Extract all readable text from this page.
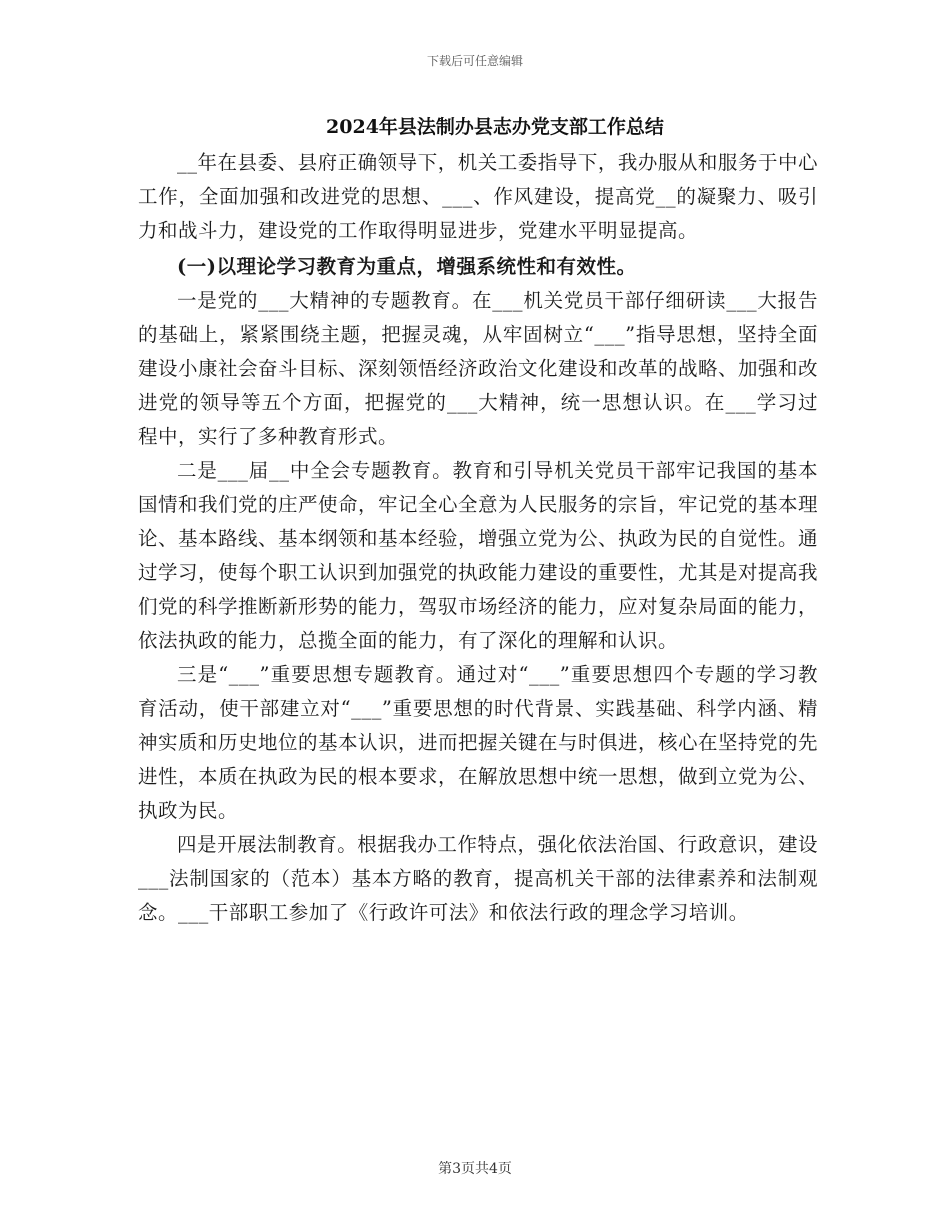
下载后可任意编辑
2024年县法制办县志办党支部工作总结

__年在县委、县府正确领导下，机关工委指导下，我办服从和服务于中心工作，全面加强和改进党的思想、___、作风建设，提高党__的凝聚力、吸引力和战斗力，建设党的工作取得明显进步，党建水平明显提高。

(一)以理论学习教育为重点，增强系统性和有效性。

一是党的___大精神的专题教育。在___机关党员干部仔细研读___大报告的基础上，紧紧围绕主题，把握灵魂，从牢固树立“___”指导思想，坚持全面建设小康社会奋斗目标、深刻领悟经济政治文化建设和改革的战略、加强和改进党的领导等五个方面，把握党的___大精神，统一思想认识。在___学习过程中，实行了多种教育形式。

二是___届__中全会专题教育。教育和引导机关党员干部牢记我国的基本国情和我们党的庄严使命，牢记全心全意为人民服务的宗旨，牢记党的基本理论、基本路线、基本纲领和基本经验，增强立党为公、执政为民的自觉性。通过学习，使每个职工认识到加强党的执政能力建设的重要性，尤其是对提高我们党的科学推断新形势的能力，驾驭市场经济的能力，应对复杂局面的能力，依法执政的能力，总揽全面的能力，有了深化的理解和认识。

三是“___”重要思想专题教育。通过对“___”重要思想四个专题的学习教育活动，使干部建立对“___”重要思想的时代背景、实践基础、科学内涵、精神实质和历史地位的基本认识，进而把握关键在与时俱进，核心在坚持党的先进性，本质在执政为民的根本要求，在解放思想中统一思想，做到立党为公、执政为民。

四是开展法制教育。根据我办工作特点，强化依法治国、行政意识，建设___法制国家的（范本）基本方略的教育，提高机关干部的法律素养和法制观念。___干部职工参加了《行政许可法》和依法行政的理念学习培训。

第3页共4页
